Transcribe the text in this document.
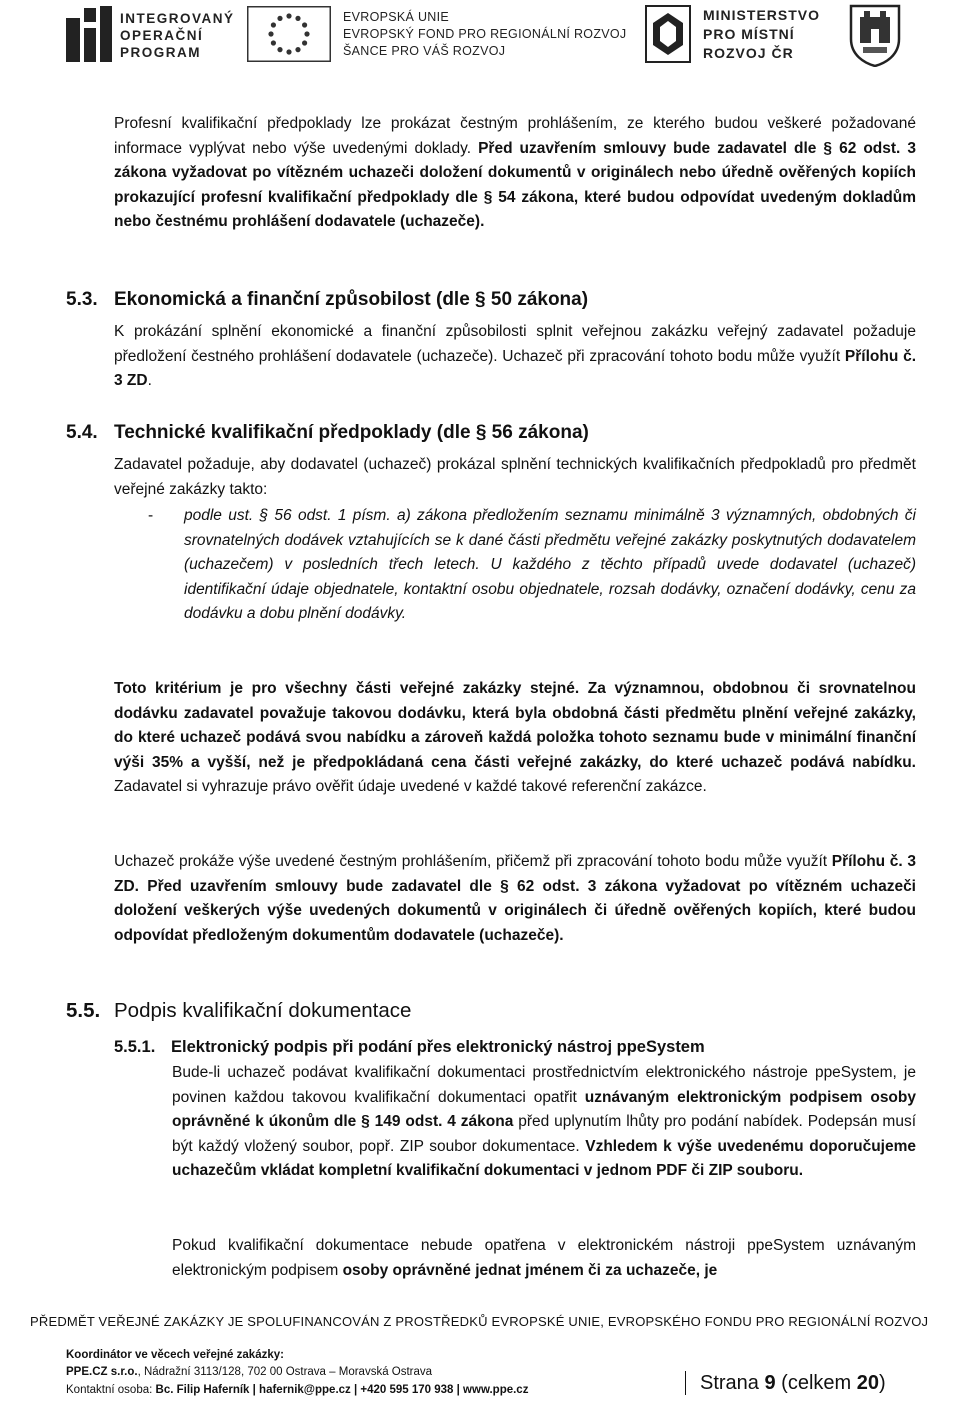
INTEGROVANÝ
OPERAČNÍ
PROGRAM
EVROPSKÁ UNIE
EVROPSKÝ FOND PRO REGIONÁLNÍ ROZVOJ
ŠANCE PRO VÁŠ ROZVOJ
MINISTERSTVO
PRO MÍSTNÍ
ROZVOJ ČR
Profesní kvalifikační předpoklady lze prokázat čestným prohlášením, ze kterého budou veškeré požadované informace vyplývat nebo výše uvedenými doklady. Před uzavřením smlouvy bude zadavatel dle § 62 odst. 3 zákona vyžadovat po vítězném uchazeči doložení dokumentů v originálech nebo úředně ověřených kopiích prokazující profesní kvalifikační předpoklady dle § 54 zákona, které budou odpovídat uvedeným dokladům nebo čestnému prohlášení dodavatele (uchazeče).
5.3. Ekonomická a finanční způsobilost (dle § 50 zákona)
K prokázání splnění ekonomické a finanční způsobilosti splnit veřejnou zakázku veřejný zadavatel požaduje předložení čestného prohlášení dodavatele (uchazeče). Uchazeč při zpracování tohoto bodu může využít Přílohu č. 3 ZD.
5.4. Technické kvalifikační předpoklady (dle § 56 zákona)
Zadavatel požaduje, aby dodavatel (uchazeč) prokázal splnění technických kvalifikačních předpokladů pro předmět veřejné zakázky takto:
- podle ust. § 56 odst. 1 písm. a) zákona předložením seznamu minimálně 3 významných, obdobných či srovnatelných dodávek vztahujících se k dané části předmětu veřejné zakázky poskytnutých dodavatelem (uchazečem) v posledních třech letech. U každého z těchto případů uvede dodavatel (uchazeč) identifikační údaje objednatele, kontaktní osobu objednatele, rozsah dodávky, označení dodávky, cenu za dodávku a dobu plnění dodávky.
Toto kritérium je pro všechny části veřejné zakázky stejné. Za významnou, obdobnou či srovnatelnou dodávku zadavatel považuje takovou dodávku, která byla obdobná části předmětu plnění veřejné zakázky, do které uchazeč podává svou nabídku a zároveň každá položka tohoto seznamu bude v minimální finanční výši 35% a vyšší, než je předpokládaná cena části veřejné zakázky, do které uchazeč podává nabídku. Zadavatel si vyhrazuje právo ověřit údaje uvedené v každé takové referenční zakázce.
Uchazeč prokáže výše uvedené čestným prohlášením, přičemž při zpracování tohoto bodu může využít Přílohu č. 3 ZD. Před uzavřením smlouvy bude zadavatel dle § 62 odst. 3 zákona vyžadovat po vítězném uchazeči doložení veškerých výše uvedených dokumentů v originálech či úředně ověřených kopiích, které budou odpovídat předloženým dokumentům dodavatele (uchazeče).
5.5. Podpis kvalifikační dokumentace
5.5.1. Elektronický podpis při podání přes elektronický nástroj ppeSystem
Bude-li uchazeč podávat kvalifikační dokumentaci prostřednictvím elektronického nástroje ppeSystem, je povinen každou takovou kvalifikační dokumentaci opatřit uznávaným elektronickým podpisem osoby oprávněné k úkonům dle § 149 odst. 4 zákona před uplynutím lhůty pro podání nabídek. Podepsán musí být každý vložený soubor, popř. ZIP soubor dokumentace. Vzhledem k výše uvedenému doporučujeme uchazečům vkládat kompletní kvalifikační dokumentaci v jednom PDF či ZIP souboru.
Pokud kvalifikační dokumentace nebude opatřena v elektronickém nástroji ppeSystem uznávaným elektronickým podpisem osoby oprávněné jednat jménem či za uchazeče, je
PŘEDMĚT VEŘEJNÉ ZAKÁZKY JE SPOLUFINANCOVÁN Z PROSTŘEDKŮ EVROPSKÉ UNIE, EVROPSKÉHO FONDU PRO REGIONÁLNÍ ROZVOJ
Koordinátor ve věcech veřejné zakázky:
PPE.CZ s.r.o., Nádražní 3113/128, 702 00 Ostrava – Moravská Ostrava
Kontaktní osoba: Bc. Filip Haferník | hafernik@ppe.cz | +420 595 170 938 | www.ppe.cz	Strana 9 (celkem 20)
